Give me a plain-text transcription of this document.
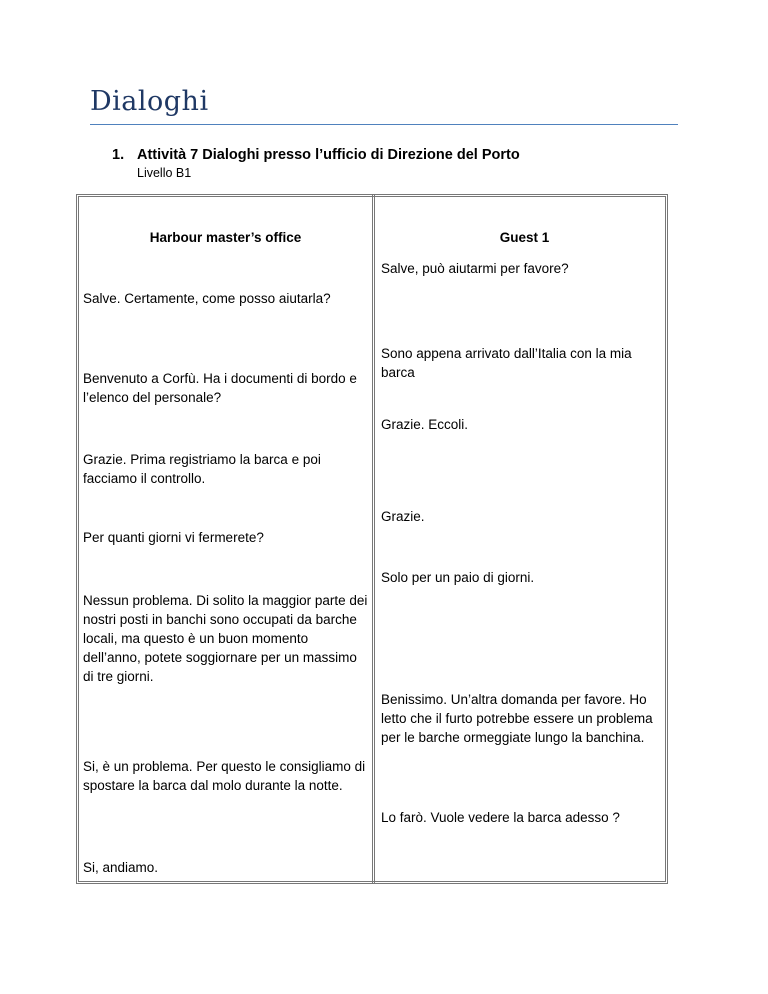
Dialoghi
1. Attività 7 Dialoghi presso l’ufficio di Direzione del Porto
Livello B1
Harbour master’s office	Guest 1
Salve, può aiutarmi per favore?
Salve. Certamente, come posso aiutarla?
Sono appena arrivato dall’Italia con la mia barca
Benvenuto a Corfù. Ha i documenti di bordo e l’elenco del personale?
Grazie. Eccoli.
Grazie. Prima registriamo la barca e poi facciamo il controllo.
Grazie.
Per quanti giorni vi fermerete?
Solo per un paio di giorni.
Nessun problema. Di solito la maggior parte dei nostri posti in banchi sono occupati da barche locali, ma questo è un buon momento dell’anno, potete soggiornare per un massimo di tre giorni.
Benissimo. Un’altra domanda per favore. Ho letto che il furto potrebbe essere un problema per le barche ormeggiate lungo la banchina.
Si, è un problema. Per questo le consigliamo di spostare la barca dal molo durante la notte.
Lo farò. Vuole vedere la barca adesso ?
Si, andiamo.
